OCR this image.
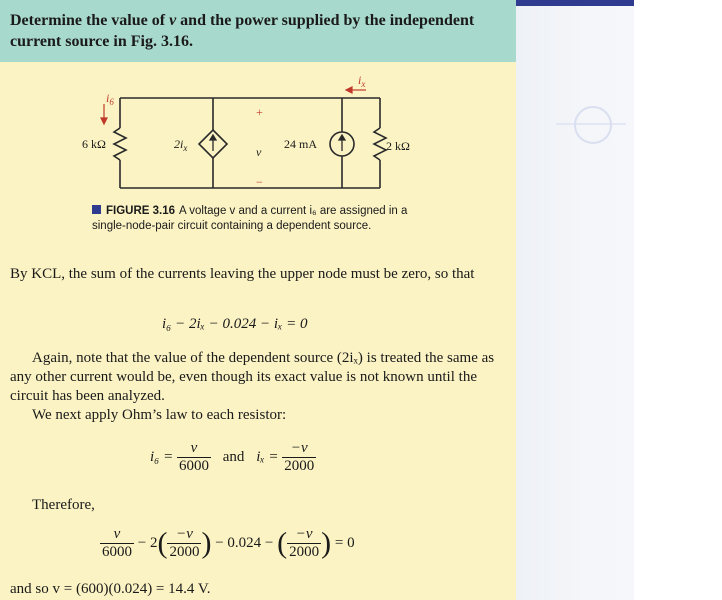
Determine the value of v and the power supplied by the independent current source in Fig. 3.16.
6 kΩ	$2i_x$	v
+
−
24 mA	2 kΩ
$i_6$
$i_x$
FIGURE 3.16 A voltage v and a current i₆ are assigned in a single-node-pair circuit containing a dependent source.
By KCL, the sum of the currents leaving the upper node must be zero, so that
i₆ − 2iₓ − 0.024 − iₓ = 0
Again, note that the value of the dependent source (2iₓ) is treated the same as any other current would be, even though its exact value is not known until the circuit has been analyzed.
We next apply Ohm’s law to each resistor:
$i_6 = \frac{v}{6000}$ and $i_x = \frac{-v}{2000}$
Therefore,
$\frac{v}{6000} - 2( \frac{-v}{2000}$ ) − 0.024 − ( $\frac{-v}{2000}$ ) = 0
and so v = (600)(0.024) = 14.4 V.
